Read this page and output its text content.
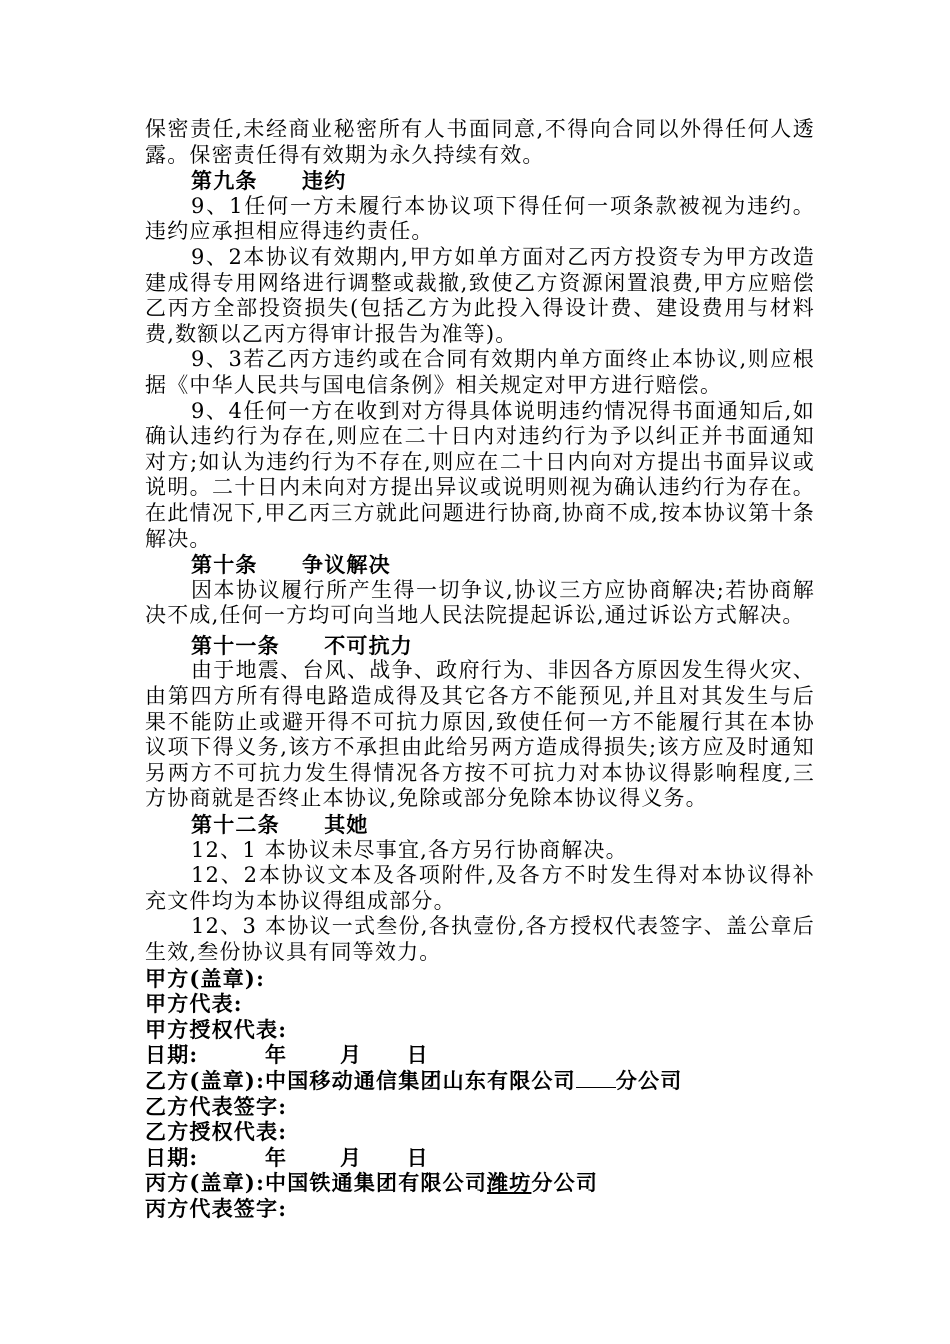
保密责任,未经商业秘密所有人书面同意,不得向合同以外得任何人透露。保密责任得有效期为永久持续有效。

第九条　　违约

9、1任何一方未履行本协议项下得任何一项条款被视为违约。违约应承担相应得违约责任。

9、2本协议有效期内,甲方如单方面对乙丙方投资专为甲方改造建成得专用网络进行调整或裁撤,致使乙方资源闲置浪费,甲方应赔偿乙丙方全部投资损失(包括乙方为此投入得设计费、建设费用与材料费,数额以乙丙方得审计报告为准等)。

9、3若乙丙方违约或在合同有效期内单方面终止本协议,则应根据《中华人民共与国电信条例》相关规定对甲方进行赔偿。

9、4任何一方在收到对方得具体说明违约情况得书面通知后,如确认违约行为存在,则应在二十日内对违约行为予以纠正并书面通知对方;如认为违约行为不存在,则应在二十日内向对方提出书面异议或说明。二十日内未向对方提出异议或说明则视为确认违约行为存在。在此情况下,甲乙丙三方就此问题进行协商,协商不成,按本协议第十条解决。

第十条　　争议解决

因本协议履行所产生得一切争议,协议三方应协商解决;若协商解决不成,任何一方均可向当地人民法院提起诉讼,通过诉讼方式解决。

第十一条　　不可抗力

由于地震、台风、战争、政府行为、非因各方原因发生得火灾、由第四方所有得电路造成得及其它各方不能预见,并且对其发生与后果不能防止或避开得不可抗力原因,致使任何一方不能履行其在本协议项下得义务,该方不承担由此给另两方造成得损失;该方应及时通知另两方不可抗力发生得情况各方按不可抗力对本协议得影响程度,三方协商就是否终止本协议,免除或部分免除本协议得义务。

第十二条　　其她

12、1 本协议未尽事宜,各方另行协商解决。

12、2本协议文本及各项附件,及各方不时发生得对本协议得补充文件均为本协议得组成部分。

12、3 本协议一式叁份,各执壹份,各方授权代表签字、盖公章后生效,叁份协议具有同等效力。

甲方(盖章):

甲方代表:

甲方授权代表:

日期:　　　年　　 月　　日

乙方(盖章):中国移动通信集团山东有限公司 分公司

乙方代表签字:

乙方授权代表:

日期:　　　年　　 月　　日

丙方(盖章):中国铁通集团有限公司潍坊分公司

丙方代表签字:
